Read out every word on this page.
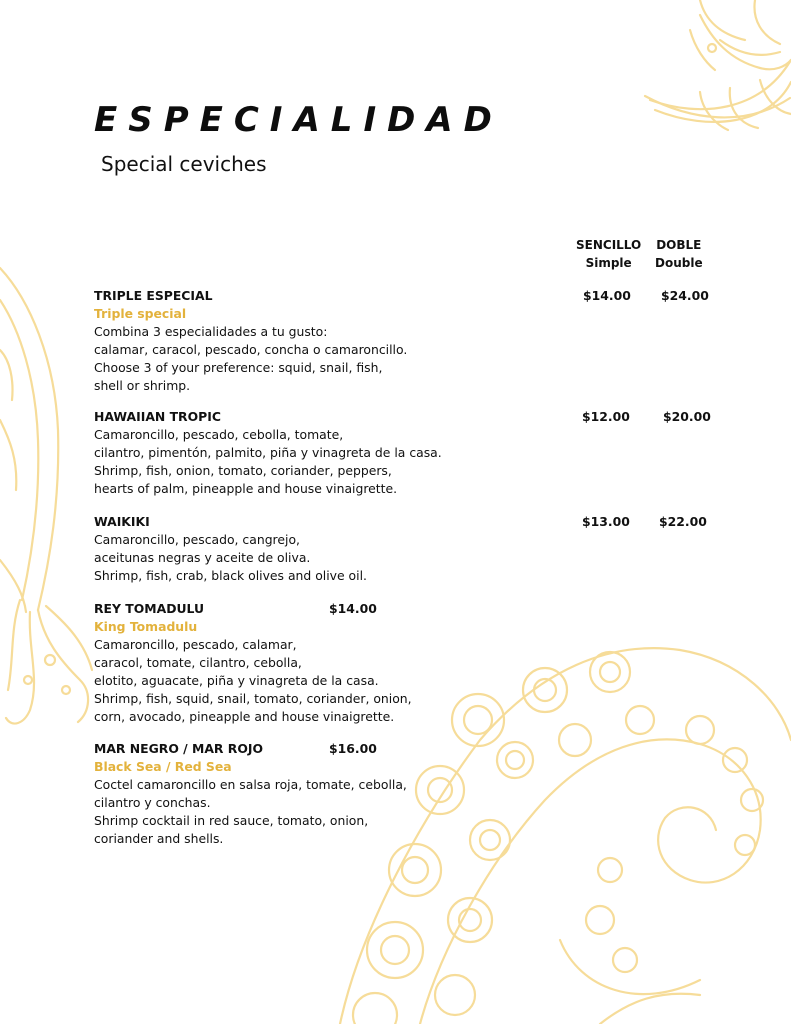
ESPECIALIDAD
Special ceviches
SENCILLO
Simple
DOBLE
Double
TRIPLE ESPECIAL
Triple special
Combina 3 especialidades a tu gusto:
calamar, caracol, pescado, concha o camaroncillo.
Choose 3 of your preference: squid, snail, fish,
shell or shrimp.
$14.00 $24.00
HAWAIIAN TROPIC
Camaroncillo, pescado, cebolla, tomate,
cilantro, pimentón, palmito, piña y vinagreta de la casa.
Shrimp, fish, onion, tomato, coriander, peppers,
hearts of palm, pineapple and house vinaigrette.
$12.00	$20.00
WAIKIKI
Camaroncillo, pescado, cangrejo,
aceitunas negras y aceite de oliva.
Shrimp, fish, crab, black olives and olive oil.
$13.00 $22.00
REY TOMADULU
King Tomadulu
Camaroncillo, pescado, calamar,
caracol, tomate, cilantro, cebolla,
elotito, aguacate, piña y vinagreta de la casa.
Shrimp, fish, squid, snail, tomato, coriander, onion,
corn, avocado, pineapple and house vinaigrette.
$14.00
MAR NEGRO / MAR ROJO
Black Sea / Red Sea
Coctel camaroncillo en salsa roja, tomate, cebolla,
cilantro y conchas.
Shrimp cocktail in red sauce, tomato, onion,
coriander and shells.
$16.00
